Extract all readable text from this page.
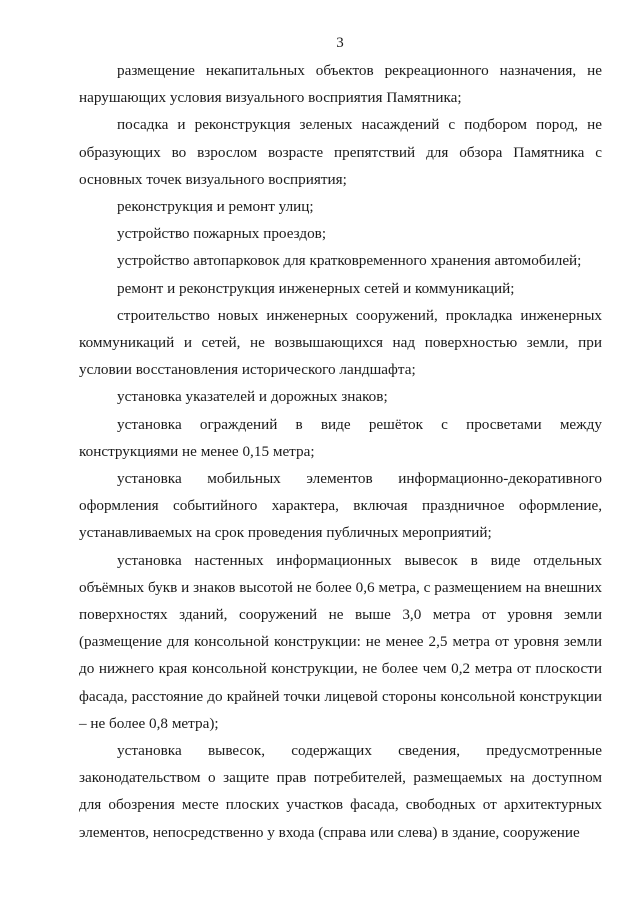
3

размещение некапитальных объектов рекреационного назначения, не нарушающих условия визуального восприятия Памятника;

посадка и реконструкция зеленых насаждений с подбором пород, не образующих во взрослом возрасте препятствий для обзора Памятника с основных точек визуального восприятия;

реконструкция и ремонт улиц;

устройство пожарных проездов;

устройство автопарковок для кратковременного хранения автомобилей;

ремонт и реконструкция инженерных сетей и коммуникаций;

строительство новых инженерных сооружений, прокладка инженерных коммуникаций и сетей, не возвышающихся над поверхностью земли, при условии восстановления исторического ландшафта;

установка указателей и дорожных знаков;

установка ограждений в виде решёток с просветами между конструкциями не менее 0,15 метра;

установка мобильных элементов информационно-декоративного оформления событийного характера, включая праздничное оформление, устанавливаемых на срок проведения публичных мероприятий;

установка настенных информационных вывесок в виде отдельных объёмных букв и знаков высотой не более 0,6 метра, с размещением на внешних поверхностях зданий, сооружений не выше 3,0 метра от уровня земли (размещение для консольной конструкции: не менее 2,5 метра от уровня земли до нижнего края консольной конструкции, не более чем 0,2 метра от плоскости фасада, расстояние до крайней точки лицевой стороны консольной конструкции – не более 0,8 метра);

установка вывесок, содержащих сведения, предусмотренные законодательством о защите прав потребителей, размещаемых на доступном для обозрения месте плоских участков фасада, свободных от архитектурных элементов, непосредственно у входа (справа или слева) в здание, сооружение
